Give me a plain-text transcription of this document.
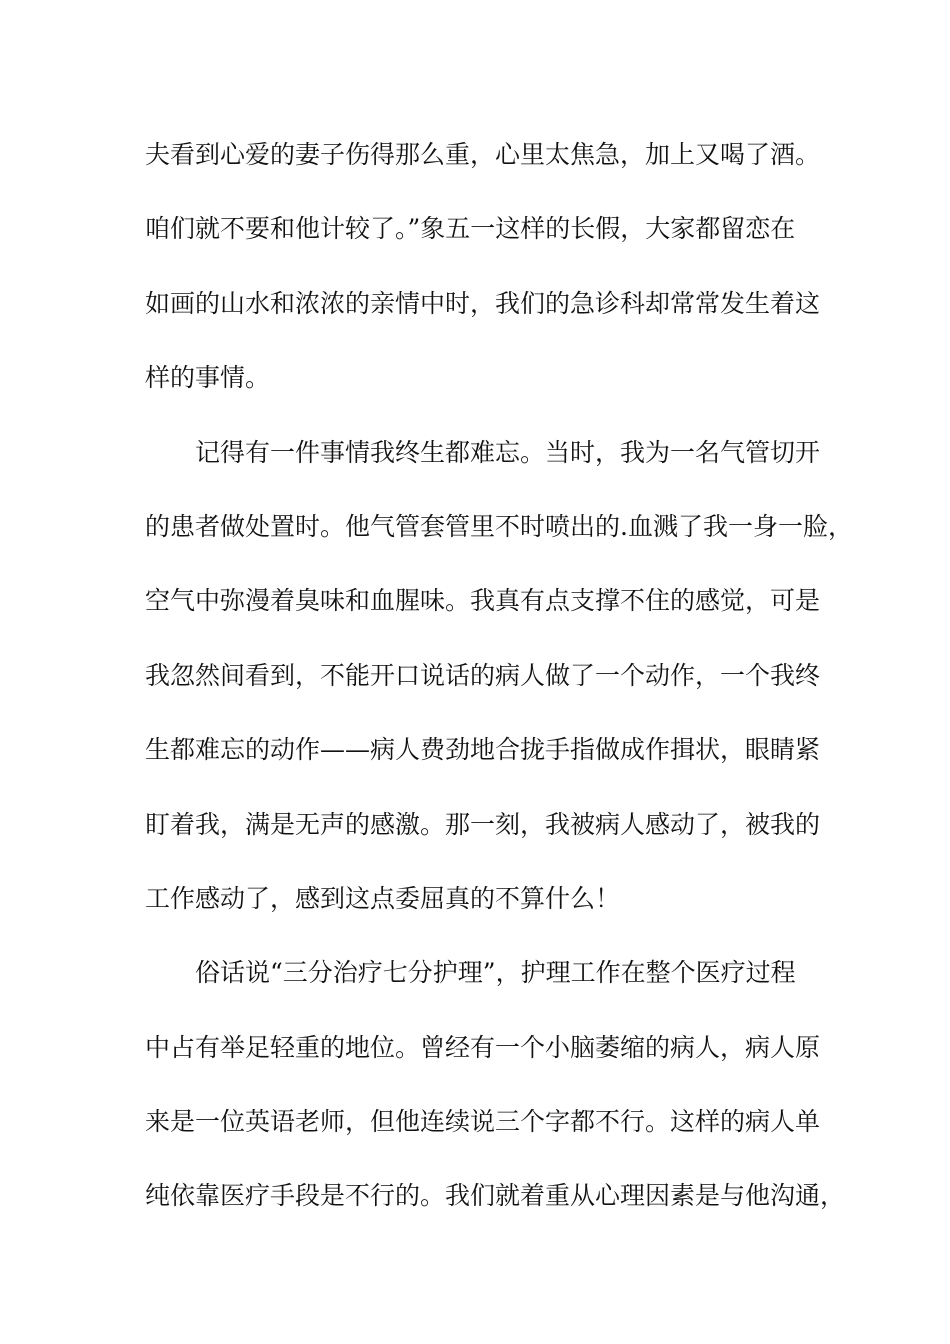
夫看到心爱的妻子伤得那么重，心里太焦急，加上又喝了酒。
咱们就不要和他计较了。”象五一这样的长假，大家都留恋在
如画的山水和浓浓的亲情中时，我们的急诊科却常常发生着这
样的事情。
记得有一件事情我终生都难忘。当时，我为一名气管切开
的患者做处置时。他气管套管里不时喷出的.血溅了我一身一脸，
空气中弥漫着臭味和血腥味。我真有点支撑不住的感觉，可是
我忽然间看到，不能开口说话的病人做了一个动作，一个我终
生都难忘的动作——病人费劲地合拢手指做成作揖状，眼睛紧
盯着我，满是无声的感激。那一刻，我被病人感动了，被我的
工作感动了，感到这点委屈真的不算什么！
俗话说“三分治疗七分护理”，护理工作在整个医疗过程
中占有举足轻重的地位。曾经有一个小脑萎缩的病人，病人原
来是一位英语老师，但他连续说三个字都不行。这样的病人单
纯依靠医疗手段是不行的。我们就着重从心理因素是与他沟通，
